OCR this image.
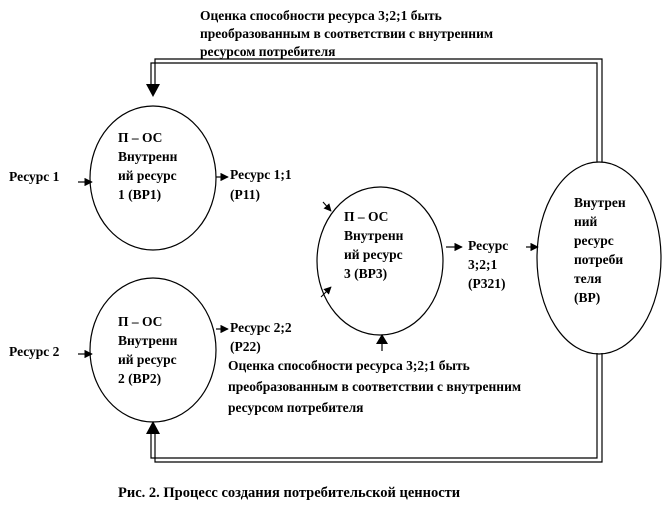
Оценка способности ресурса 3;2;1 быть
преобразованным в соответствии с внутренним
ресурсом потребителя
Ресурс 1
Ресурс 2
П – ОС
Внутренн
ий ресурс
1 (ВР1)
П – ОС
Внутренн
ий ресурс
2 (ВР2)
Ресурс 1;1
(Р11)
Ресурс 2;2
(Р22)
П – ОС
Внутренн
ий ресурс
3 (ВР3)
Ресурс
3;2;1
(Р321)
Внутрен
ний
ресурс
потреби
теля
(ВР)
Оценка способности ресурса 3;2;1 быть
преобразованным в соответствии с внутренним
ресурсом потребителя
Рис. 2. Процесс создания потребительской ценности
